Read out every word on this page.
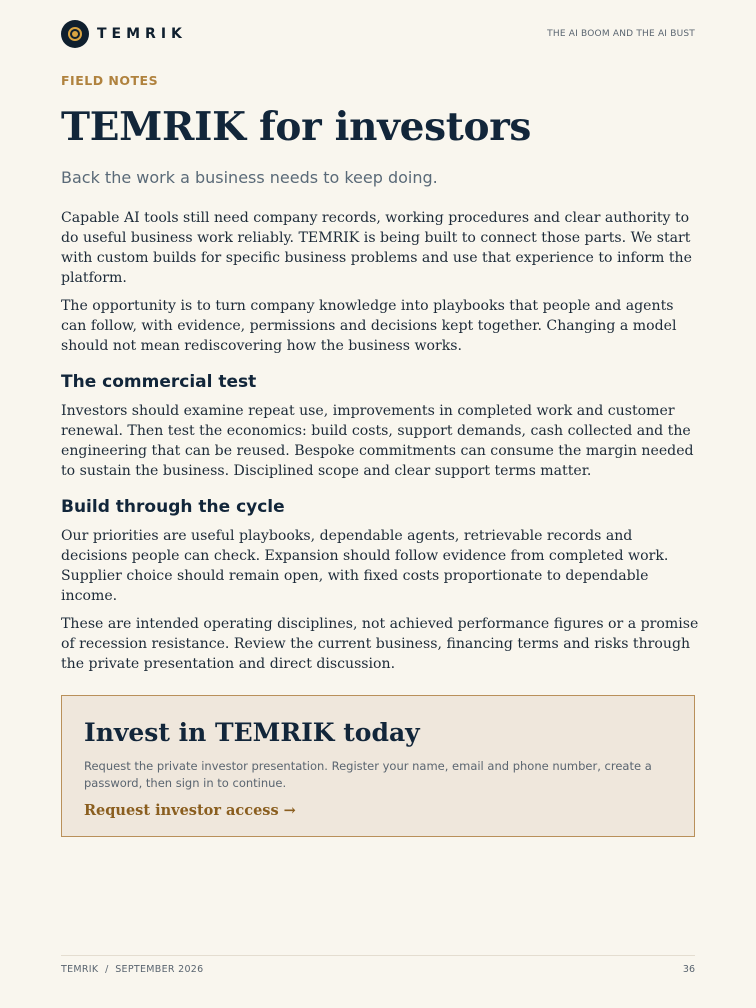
TEMRIK	THE AI BOOM AND THE AI BUST
FIELD NOTES
TEMRIK for investors
Back the work a business needs to keep doing.

Capable AI tools still need company records, working procedures and clear authority to do useful business work reliably. TEMRIK is being built to connect those parts. We start with custom builds for specific business problems and use that experience to inform the platform.

The opportunity is to turn company knowledge into playbooks that people and agents can follow, with evidence, permissions and decisions kept together. Changing a model should not mean rediscovering how the business works.

The commercial test

Investors should examine repeat use, improvements in completed work and customer renewal. Then test the economics: build costs, support demands, cash collected and the engineering that can be reused. Bespoke commitments can consume the margin needed to sustain the business. Disciplined scope and clear support terms matter.

Build through the cycle

Our priorities are useful playbooks, dependable agents, retrievable records and decisions people can check. Expansion should follow evidence from completed work. Supplier choice should remain open, with fixed costs proportionate to dependable income.

These are intended operating disciplines, not achieved performance figures or a promise of recession resistance. Review the current business, financing terms and risks through the private presentation and direct discussion.

Invest in TEMRIK today
Request the private investor presentation. Register your name, email and phone number, create a password, then sign in to continue.
Request investor access →
TEMRIK  /  SEPTEMBER 2026	36
